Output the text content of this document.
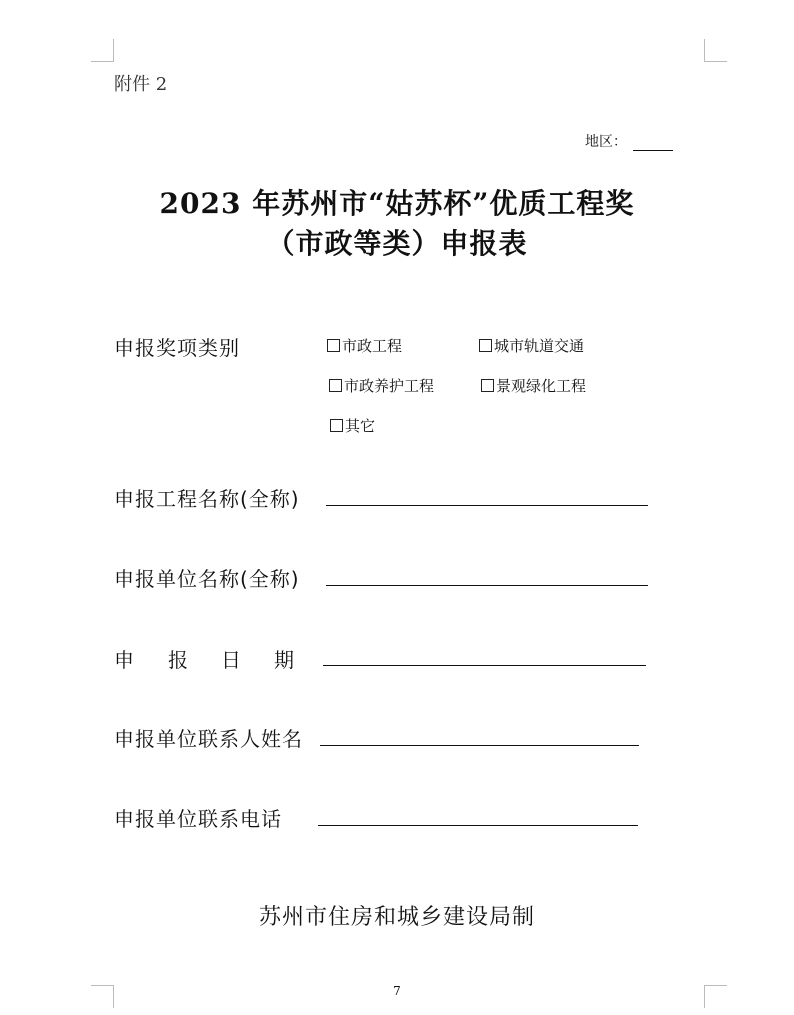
附件 2
地区：
2023 年苏州市“姑苏杯”优质工程奖
（市政等类）申报表
申报奖项类别	市政工程	城市轨道交通
市政养护工程	景观绿化工程
其它
申报工程名称(全称)
申报单位名称(全称)
申 报 日 期
申报单位联系人姓名
申报单位联系电话
苏州市住房和城乡建设局制
7
